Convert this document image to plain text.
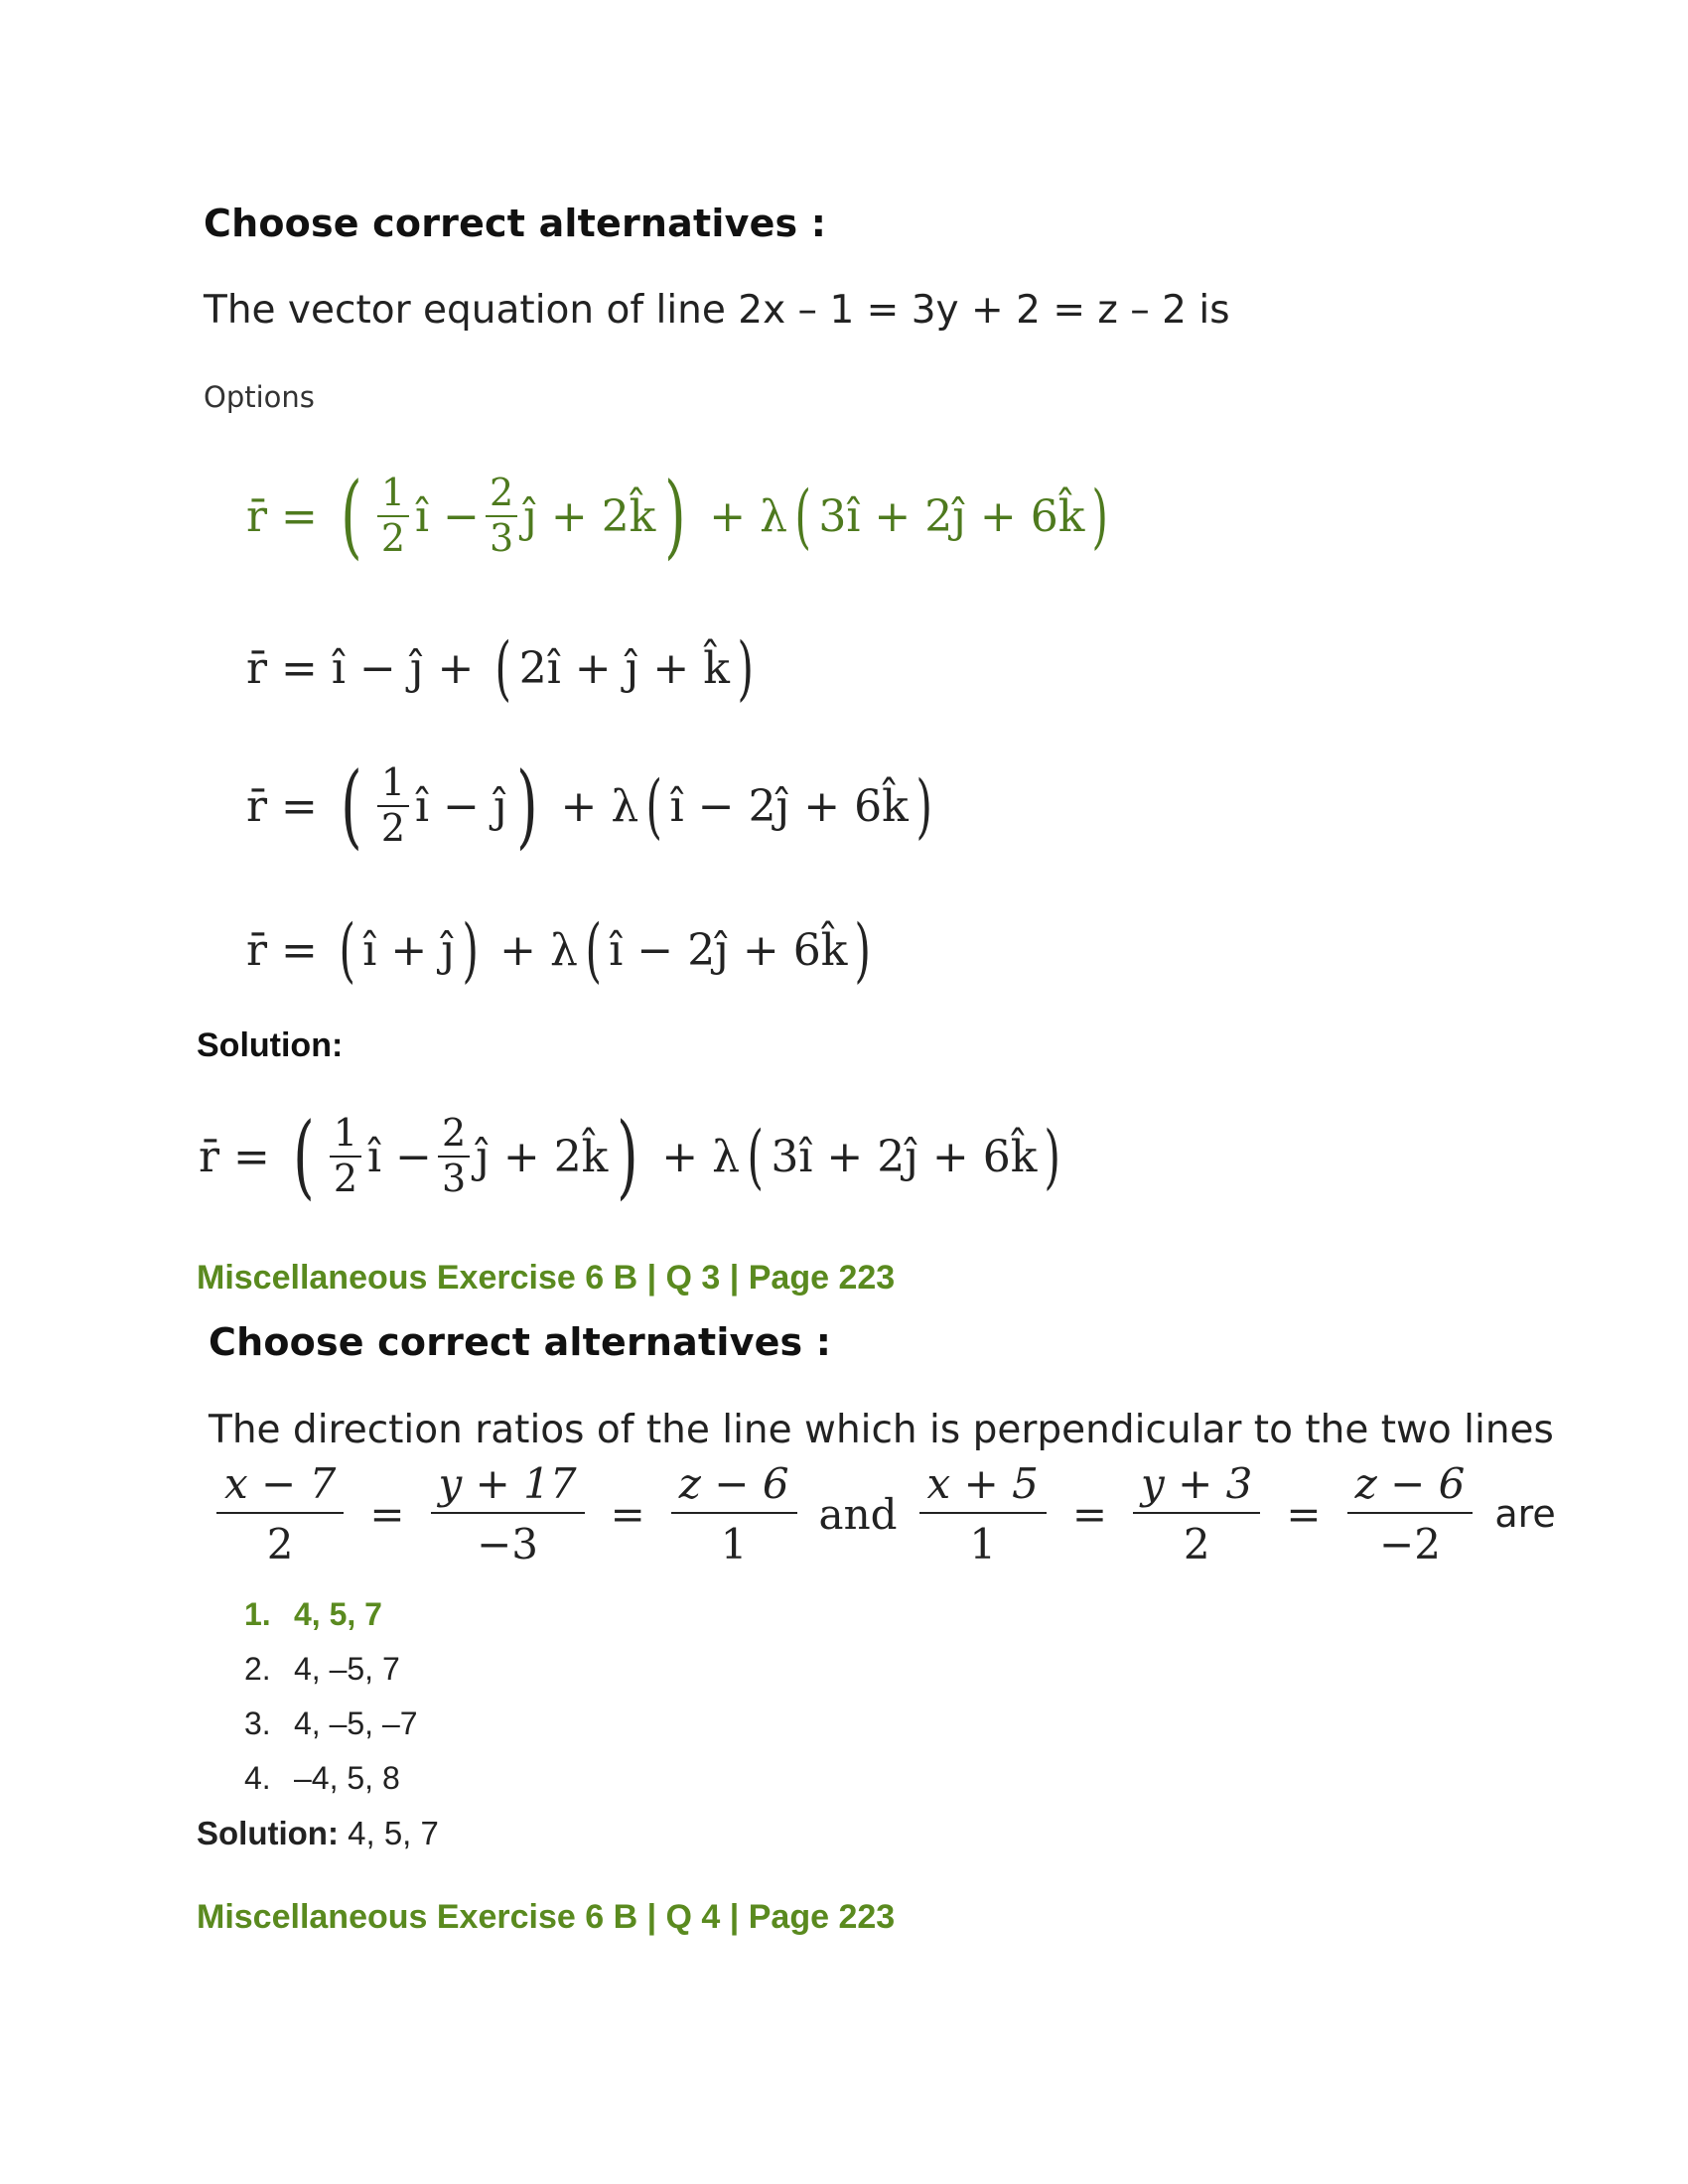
Choose correct alternatives :
The vector equation of line 2x – 1 = 3y + 2 = z – 2 is
Options
r̄ = ( $\frac{1}{2}$ î − $\frac{2}{3}$ ĵ + 2k̂ ) + λ ( 3î + 2ĵ + 6k̂ )
r̄ = î − ĵ + ( 2î + ĵ + k̂ )
r̄ = ( $\frac{1}{2}$ î − ĵ ) + λ ( î − 2ĵ + 6k̂ )
r̄ = ( î + ĵ ) + λ ( î − 2ĵ + 6k̂ )
Solution:
r̄ = ( $\frac{1}{2}$ î − $\frac{2}{3}$ ĵ + 2k̂ ) + λ ( 3î + 2ĵ + 6k̂ )
Miscellaneous Exercise 6 B | Q 3 | Page 223
Choose correct alternatives :
The direction ratios of the line which is perpendicular to the two lines
$\frac{x - 7}{2} = \frac{y + 17}{-3} = \frac{z - 6}{1}$ and $\frac{x + 5}{1} = \frac{y + 3}{2} = \frac{z - 6}{-2}$ are
1. 4, 5, 7
2. 4, –5, 7
3. 4, –5, –7
4. –4, 5, 8
Solution: 4, 5, 7
Miscellaneous Exercise 6 B | Q 4 | Page 223
